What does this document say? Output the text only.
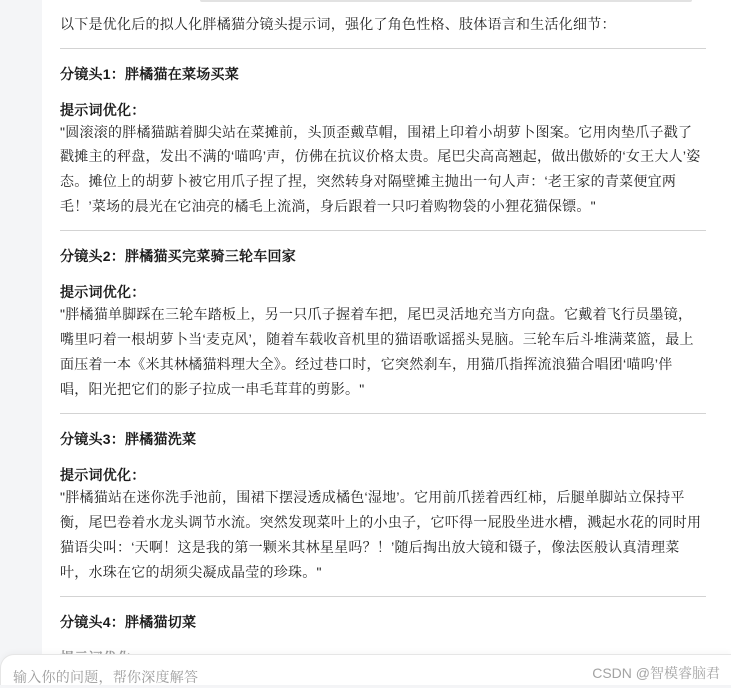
以下是优化后的拟人化胖橘猫分镜头提示词，强化了角色性格、肢体语言和生活化细节：

分镜头1：胖橘猫在菜场买菜
提示词优化：
"圆滚滚的胖橘猫踮着脚尖站在菜摊前，头顶歪戴草帽，围裙上印着小胡萝卜图案。它用肉垫爪子戳了
戳摊主的秤盘，发出不满的‘喵呜’声，仿佛在抗议价格太贵。尾巴尖高高翘起，做出傲娇的‘女王大人’姿
态。摊位上的胡萝卜被它用爪子捏了捏，突然转身对隔壁摊主抛出一句人声：‘老王家的青菜便宜两
毛！’菜场的晨光在它油亮的橘毛上流淌，身后跟着一只叼着购物袋的小狸花猫保镖。"
分镜头2：胖橘猫买完菜骑三轮车回家
提示词优化：
"胖橘猫单脚踩在三轮车踏板上，另一只爪子握着车把，尾巴灵活地充当方向盘。它戴着飞行员墨镜，
嘴里叼着一根胡萝卜当‘麦克风’，随着车载收音机里的猫语歌谣摇头晃脑。三轮车后斗堆满菜篮，最上
面压着一本《米其林橘猫料理大全》。经过巷口时，它突然刹车，用猫爪指挥流浪猫合唱团‘喵呜’伴
唱，阳光把它们的影子拉成一串毛茸茸的剪影。"
分镜头3：胖橘猫洗菜
提示词优化：
"胖橘猫站在迷你洗手池前，围裙下摆浸透成橘色‘湿地’。它用前爪搓着西红柿，后腿单脚站立保持平
衡，尾巴卷着水龙头调节水流。突然发现菜叶上的小虫子，它吓得一屁股坐进水槽，溅起水花的同时用
猫语尖叫：‘天啊！这是我的第一颗米其林星星吗？！’随后掏出放大镜和镊子，像法医般认真清理菜
叶，水珠在它的胡须尖凝成晶莹的珍珠。"
分镜头4：胖橘猫切菜
输入你的问题，帮你深度解答
CSDN @智模睿脑君
